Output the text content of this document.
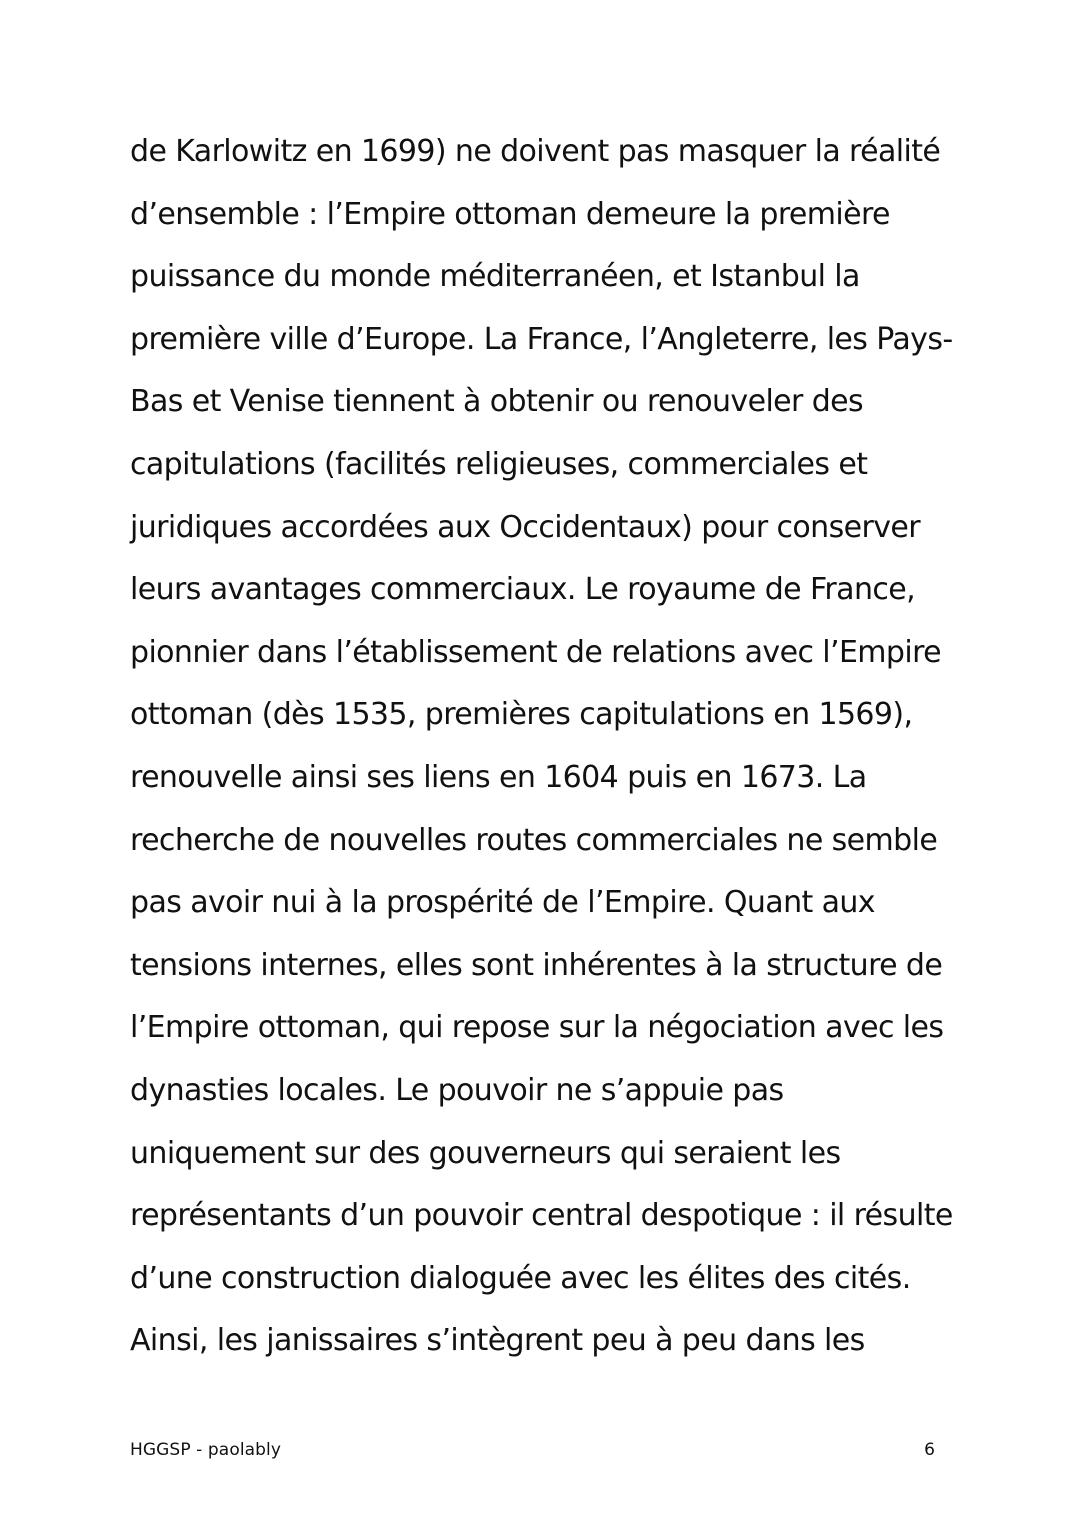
de Karlowitz en 1699) ne doivent pas masquer la réalité
d’ensemble : l’Empire ottoman demeure la première
puissance du monde méditerranéen, et Istanbul la
première ville d’Europe. La France, l’Angleterre, les Pays-
Bas et Venise tiennent à obtenir ou renouveler des
capitulations (facilités religieuses, commerciales et
juridiques accordées aux Occidentaux) pour conserver
leurs avantages commerciaux. Le royaume de France,
pionnier dans l’établissement de relations avec l’Empire
ottoman (dès 1535, premières capitulations en 1569),
renouvelle ainsi ses liens en 1604 puis en 1673. La
recherche de nouvelles routes commerciales ne semble
pas avoir nui à la prospérité de l’Empire. Quant aux
tensions internes, elles sont inhérentes à la structure de
l’Empire ottoman, qui repose sur la négociation avec les
dynasties locales. Le pouvoir ne s’appuie pas
uniquement sur des gouverneurs qui seraient les
représentants d’un pouvoir central despotique : il résulte
d’une construction dialoguée avec les élites des cités.
Ainsi, les janissaires s’intègrent peu à peu dans les
HGGSP - paolably	6
